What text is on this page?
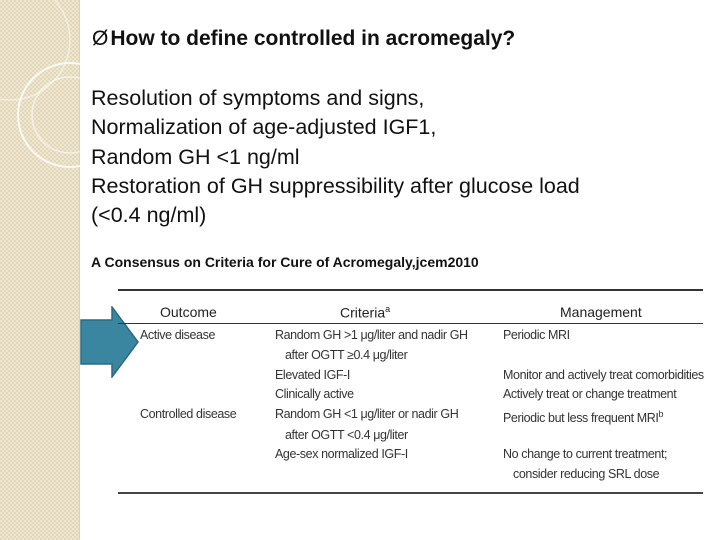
ØHow to define controlled in acromegaly?
Resolution of symptoms and signs,
Normalization of age-adjusted IGF1,
Random GH <1 ng/ml
Restoration of GH suppressibility after glucose load
(<0.4 ng/ml)
A Consensus on Criteria for Cure of Acromegaly,jcem2010
Outcome	Criteria$^a$	Management
Active disease
Controlled disease
Random GH >1 μg/liter and nadir GH
after OGTT ≥0.4 μg/liter
Elevated IGF-I
Clinically active
Random GH <1 μg/liter or nadir GH
after OGTT <0.4 μg/liter
Age-sex normalized IGF-I
Periodic MRI
Monitor and actively treat comorbidities
Actively treat or change treatment
Periodic but less frequent MRI$^b$
No change to current treatment;
consider reducing SRL dose
